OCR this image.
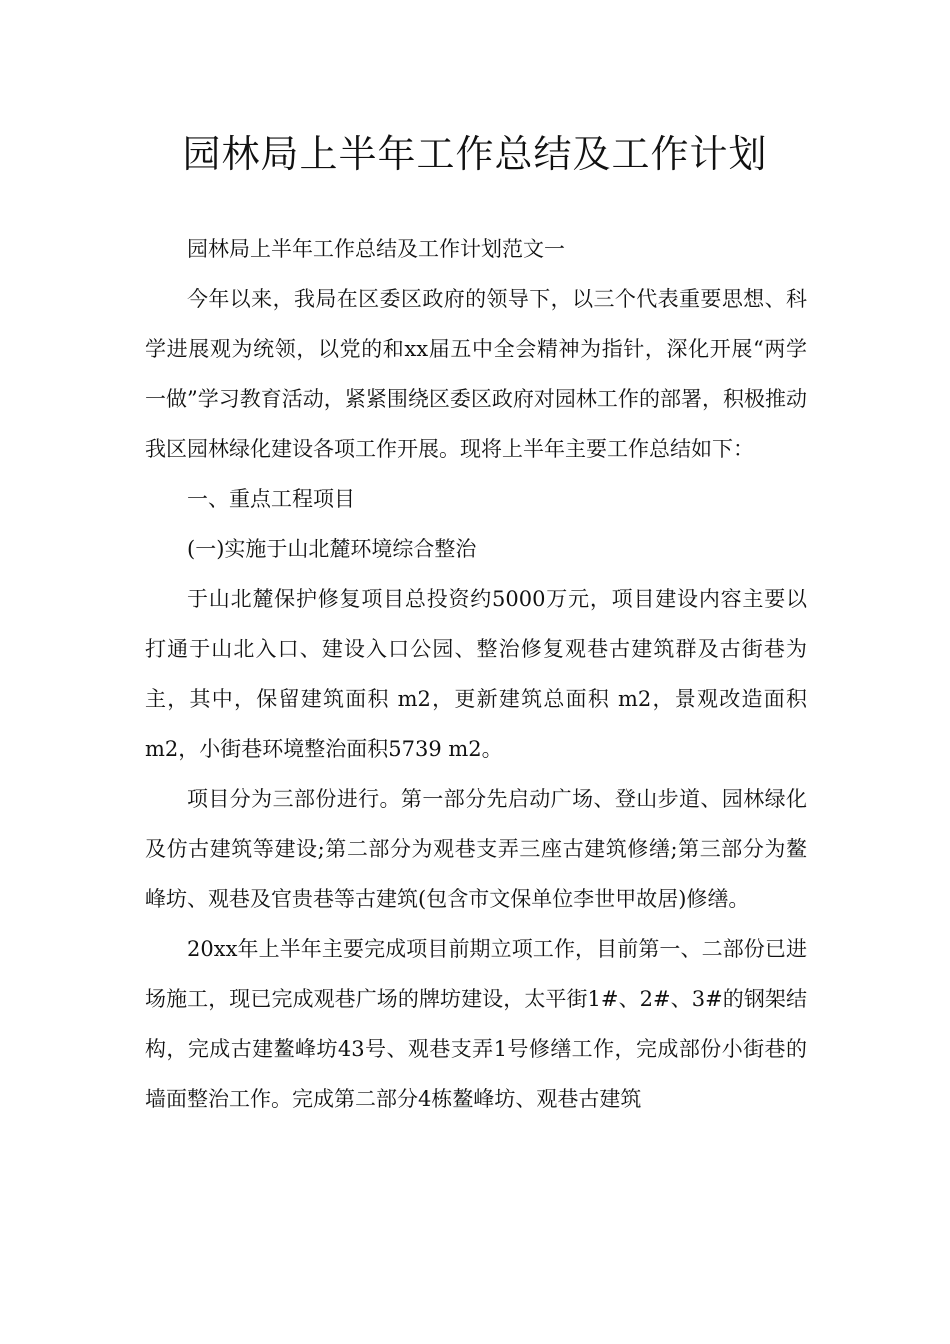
园林局上半年工作总结及工作计划

园林局上半年工作总结及工作计划范文一

今年以来，我局在区委区政府的领导下，以三个代表重要思想、科学进展观为统领，以党的和xx届五中全会精神为指针，深化开展“两学一做”学习教育活动，紧紧围绕区委区政府对园林工作的部署，积极推动我区园林绿化建设各项工作开展。现将上半年主要工作总结如下：

一、重点工程项目

(一)实施于山北麓环境综合整治

于山北麓保护修复项目总投资约5000万元，项目建设内容主要以打通于山北入口、建设入口公园、整治修复观巷古建筑群及古街巷为主，其中，保留建筑面积 m2，更新建筑总面积 m2，景观改造面积 m2，小街巷环境整治面积5739 m2。

项目分为三部份进行。第一部分先启动广场、登山步道、园林绿化及仿古建筑等建设;第二部分为观巷支弄三座古建筑修缮;第三部分为鳌峰坊、观巷及官贵巷等古建筑(包含市文保单位李世甲故居)修缮。

20xx年上半年主要完成项目前期立项工作，目前第一、二部份已进场施工，现已完成观巷广场的牌坊建设，太平街1#、2#、3#的钢架结构，完成古建鳌峰坊43号、观巷支弄1号修缮工作，完成部份小街巷的墙面整治工作。完成第二部分4栋鳌峰坊、观巷古建筑
